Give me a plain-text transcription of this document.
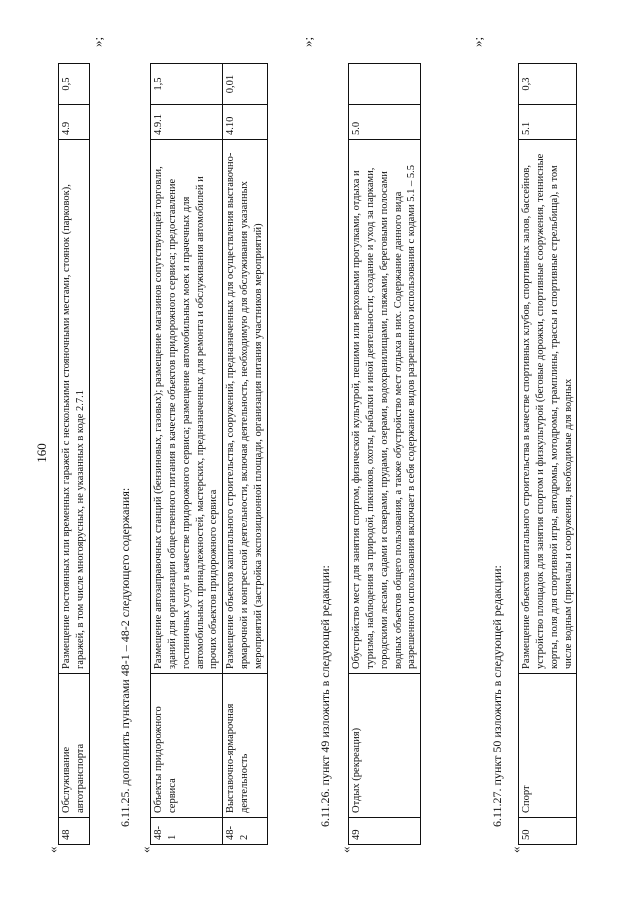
160
«
48	Обслуживание автотранспорта	Размещение постоянных или временных гаражей с несколькими стояночными местами, стоянок (парковок), гаражей, в том числе многоярусных, не указанных в коде 2.7.1	4.9	0,5
»;
6.11.25. дополнить пунктами 48-1 – 48-2 следующего содержания:
«
48-1	Объекты придорожного сервиса	Размещение автозаправочных станций (бензиновых, газовых); размещение магазинов сопутствующей торговли, зданий для организации общественного питания в качестве объектов придорожного сервиса; предоставление гостиничных услуг в качестве придорожного сервиса; размещение автомобильных моек и прачечных для автомобильных принадлежностей, мастерских, предназначенных для ремонта и обслуживания автомобилей и прочих объектов придорожного сервиса	4.9.1	1,5
48-2	Выставочно-ярмарочная деятельность	Размещение объектов капитального строительства, сооружений, предназначенных для осуществления выставочно-ярмарочной и конгрессной деятельности, включая деятельность, необходимую для обслуживания указанных мероприятий (застройка экспозиционной площади, организация питания участников мероприятий)	4.10	0,01
»;
6.11.26. пункт 49 изложить в следующей редакции:
«
49	Отдых (рекреация)	Обустройство мест для занятия спортом, физической культурой, пешими или верховыми прогулками, отдыха и туризма, наблюдения за природой, пикников, охоты, рыбалки и иной деятельности; создание и уход за парками, городскими лесами, садами и скверами, прудами, озерами, водохранилищами, пляжами, береговыми полосами водных объектов общего пользования, а также обустройство мест отдыха в них. Содержание данного вида разрешенного использования включает в себя содержание видов разрешенного использования с кодами 5.1 – 5.5	5.0	
»;
6.11.27. пункт 50 изложить в следующей редакции:
«
50	Спорт	Размещение объектов капитального строительства в качестве спортивных клубов, спортивных залов, бассейнов, устройство площадок для занятия спортом и физкультурой (беговые дорожки, спортивные сооружения, теннисные корты, поля для спортивной игры, автодромы, мотодромы, трамплины, трассы и спортивные стрельбища), в том числе водным (причалы и сооружения, необходимые для водных	5.1	0,3
